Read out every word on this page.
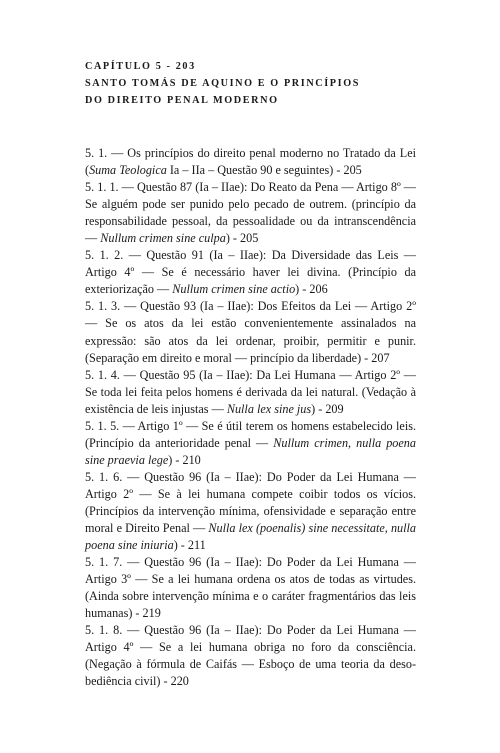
CAPÍTULO 5 - 203
SANTO TOMÁS DE AQUINO E O PRINCÍPIOS
DO DIREITO PENAL MODERNO

5. 1. — Os princípios do direito penal moderno no Tratado da Lei (Suma Teologica Ia – IIa – Questão 90 e seguintes) - 205

5. 1. 1. — Questão 87 (Ia – IIae): Do Reato da Pena — Artigo 8º — Se alguém pode ser punido pelo pecado de outrem. (princípio da responsabilidade pessoal, da pessoalidade ou da intranscendência — Nullum crimen sine culpa) - 205

5. 1. 2. — Questão 91 (Ia – IIae): Da Diversidade das Leis — Artigo 4º — Se é necessário haver lei divina. (Princípio da exteriorização — Nullum crimen sine actio) - 206

5. 1. 3. — Questão 93 (Ia – IIae): Dos Efeitos da Lei — Artigo 2º — Se os atos da lei estão convenientemente assinalados na expressão: são atos da lei ordenar, proibir, permitir e punir. (Separação em direito e moral — princípio da liberdade) - 207

5. 1. 4. — Questão 95 (Ia – IIae): Da Lei Humana — Artigo 2º — Se toda lei feita pelos homens é derivada da lei natural. (Vedação à existência de leis injustas — Nulla lex sine jus) - 209

5. 1. 5. — Artigo 1º — Se é útil terem os homens estabelecido leis. (Princípio da anterioridade penal — Nullum crimen, nulla poena sine praevia lege) - 210

5. 1. 6. — Questão 96 (Ia – IIae): Do Poder da Lei Humana — Artigo 2º — Se à lei humana compete coibir todos os vícios. (Princípios da intervenção mínima, ofensividade e separação entre moral e Direito Penal — Nulla lex (poenalis) sine necessitate, nulla poena sine iniuria) - 211

5. 1. 7. — Questão 96 (Ia – IIae): Do Poder da Lei Humana — Artigo 3º — Se a lei humana ordena os atos de todas as virtudes. (Ainda sobre intervenção mínima e o caráter fragmentários das leis humanas) - 219

5. 1. 8. — Questão 96 (Ia – IIae): Do Poder da Lei Humana — Artigo 4º — Se a lei humana obriga no foro da consciência. (Negação à fórmula de Caifás — Esboço de uma teoria da desobediência civil) - 220
